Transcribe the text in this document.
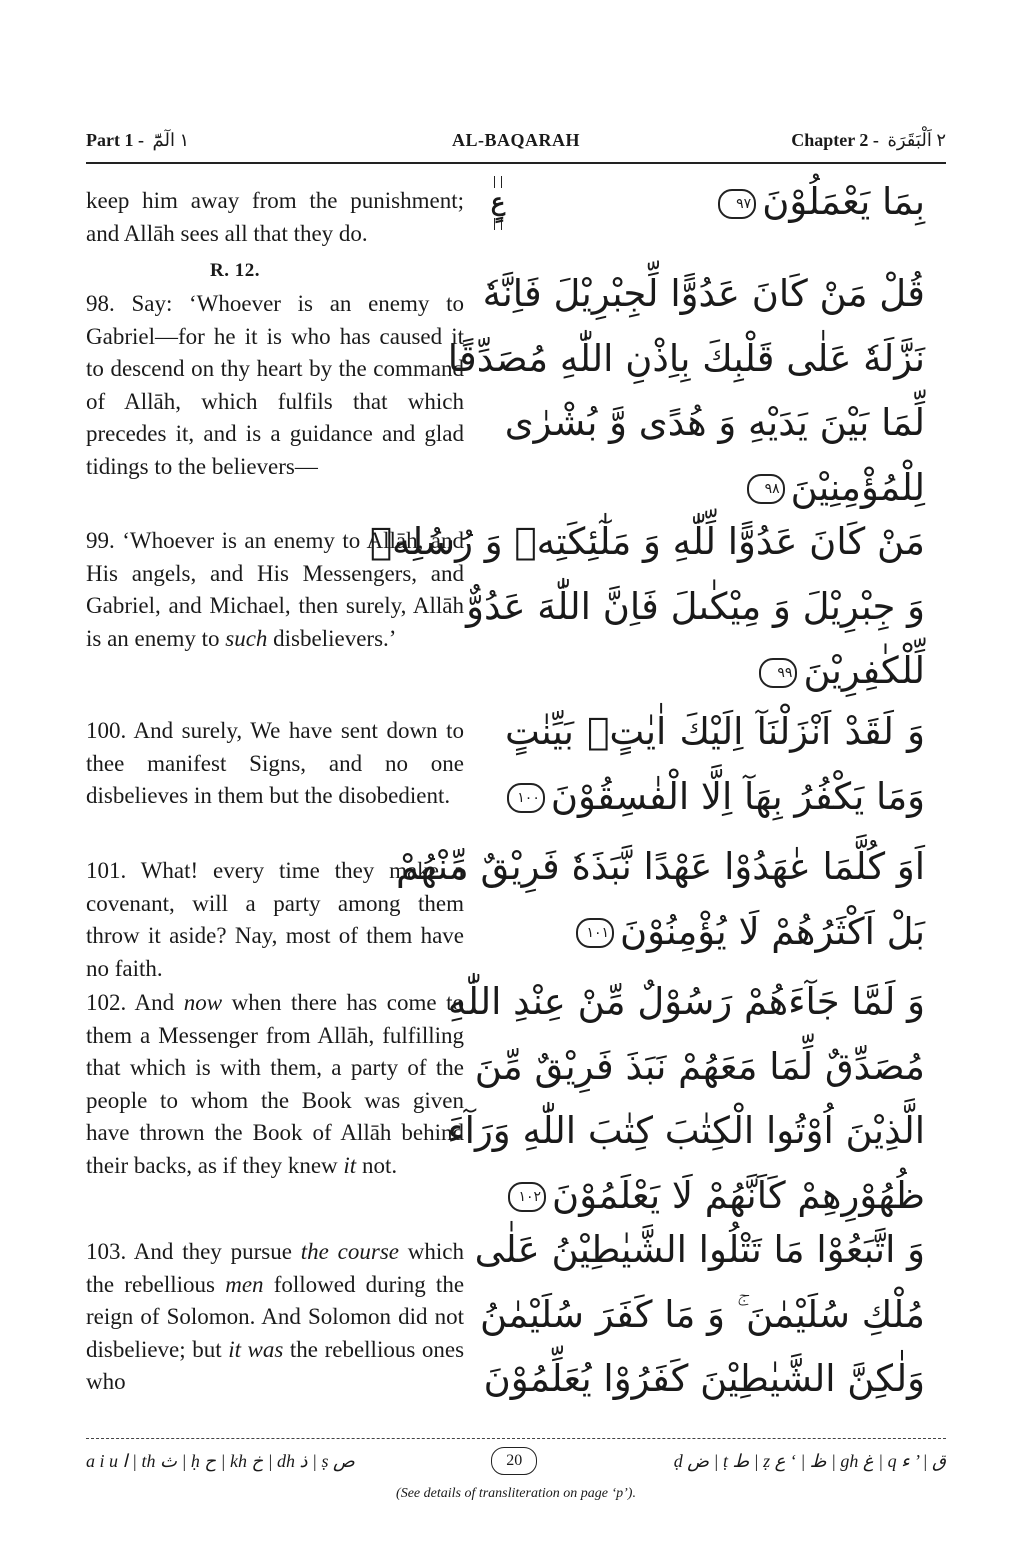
Part 1 - ١ الٓمّٓ	AL-BAQARAH	Chapter 2 - ٢ اَلْبَقَرَة

keep him away from the punishment; and Allāh sees all that they do.

R. 12.

98. Say: ‘Whoever is an enemy to Gabriel—for he it is who has caused it to descend on thy heart by the command of Allāh, which fulfils that which precedes it, and is a guidance and glad tidings to the believers—

99. ‘Whoever is an enemy to Allāh, and His angels, and His Messengers, and Gabriel, and Michael, then surely, Allāh is an enemy to such disbelievers.’

100. And surely, We have sent down to thee manifest Signs, and no one disbelieves in them but the disobedient.

101. What! every time they make a covenant, will a party among them throw it aside? Nay, most of them have no faith.

102. And now when there has come to them a Messenger from Allāh, fulfilling that which is with them, a party of the people to whom the Book was given have thrown the Book of Allāh behind their backs, as if they knew it not.

103. And they pursue the course which the rebellious men followed during the reign of Solomon. And Solomon did not disbelieve; but it was the rebellious ones who

عٍ	بِمَا يَعْمَلُوْنَ٩٧
قُلْ مَنْ كَانَ عَدُوًّا لِّجِبْرِيْلَ فَاِنَّهٗ
نَزَّلَهٗ عَلٰى قَلْبِكَ بِاِذْنِ اللّٰهِ مُصَدِّقًا
لِّمَا بَيْنَ يَدَيْهِ وَ هُدًى وَّ بُشْرٰى
لِلْمُؤْمِنِيْنَ٩٨
مَنْ كَانَ عَدُوًّا لِّلّٰهِ وَ مَلٰٓئِكَتِهٖ وَ رُسُلِهٖ
وَ جِبْرِيْلَ وَ مِيْكٰىلَ فَاِنَّ اللّٰهَ عَدُوٌّ
لِّلْكٰفِرِيْنَ٩٩
وَ لَقَدْ اَنْزَلْنَآ اِلَيْكَ اٰيٰتٍۭ بَيِّنٰتٍ
وَمَا يَكْفُرُ بِهَآ اِلَّا الْفٰسِقُوْنَ١٠٠
اَوَ كُلَّمَا عٰهَدُوْا عَهْدًا نَّبَذَهٗ فَرِيْقٌ مِّنْهُمْ
بَلْ اَكْثَرُهُمْ لَا يُؤْمِنُوْنَ١٠١
وَ لَمَّا جَآءَهُمْ رَسُوْلٌ مِّنْ عِنْدِ اللّٰهِ
مُصَدِّقٌ لِّمَا مَعَهُمْ نَبَذَ فَرِيْقٌ مِّنَ
الَّذِيْنَ اُوْتُوا الْكِتٰبَ كِتٰبَ اللّٰهِ وَرَآءَ
ظُهُوْرِهِمْ كَاَنَّهُمْ لَا يَعْلَمُوْنَ١٠٢
وَ اتَّبَعُوْا مَا تَتْلُوا الشَّيٰطِيْنُ عَلٰى
مُلْكِ سُلَيْمٰنَ ۚ وَ مَا كَفَرَ سُلَيْمٰنُ
وَلٰكِنَّ الشَّيٰطِيْنَ كَفَرُوْا يُعَلِّمُوْنَ
a i u ا | th ث | ḥ ح | kh خ | dh ذ | ṣ ص	20	ḍ ض | ṭ ط | ẓ ظ | ‘ ع | gh غ | q ق | ’ ء
(See details of transliteration on page ‘p’).
